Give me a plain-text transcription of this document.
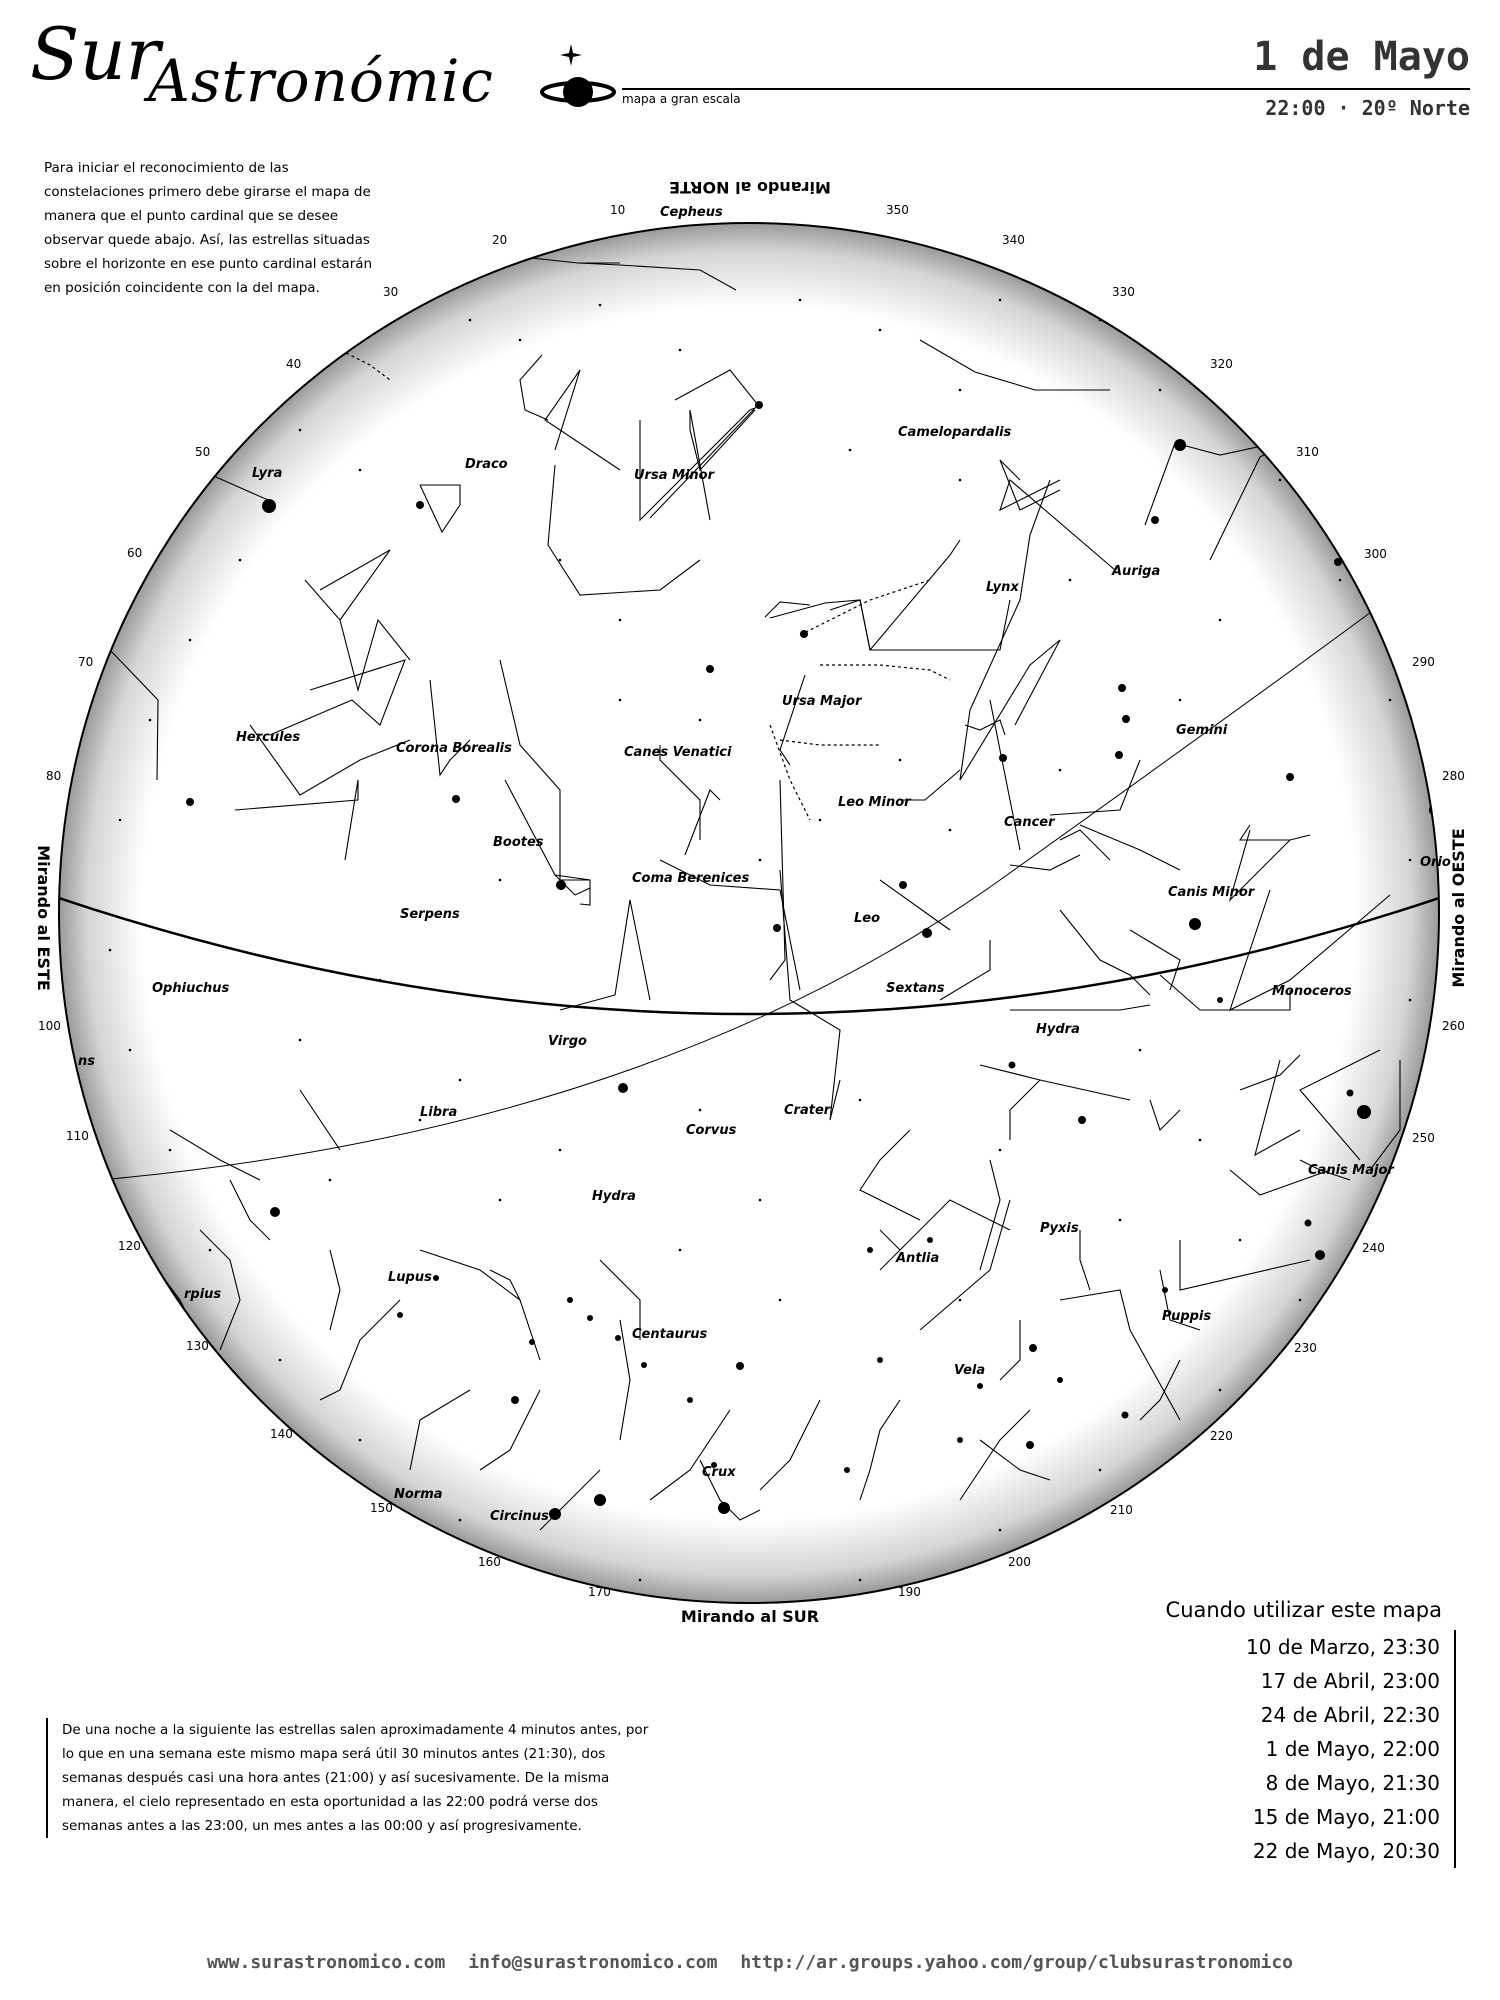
Sur
Astronómic	mapa a gran escala
1 de Mayo
22:00 · 20º Norte
Para iniciar el reconocimiento de las constelaciones primero debe girarse el mapa de manera que el punto cardinal que se desee observar quede abajo. Así, las estrellas situadas sobre el horizonte en ese punto cardinal estarán en posición coincidente con la del mapa.
10
20
30
40
50
60
70
80
100
110
120
130
140
150
160
170	190
200
210
220
230
240
250
260
280
290
300
310
320
330
340
350
Mirando al NORTE
Mirando al SUR
Mirando al ESTE	Mirando al OESTE
Cepheus
Camelopardalis
Draco
Ursa Minor
Lyra
Lynx
Auriga
Hercules
Ursa Major
Gemini
Corona Borealis	Canes Venatici
Leo Minor
Bootes
Cancer
Coma Berenices
Orio
Serpens	Leo
Canis Minor
Ophiuchus	Sextans	Monoceros
Virgo
Hydra
ns
Libra	Crater
Corvus
Canis Major
Hydra
Pyxis
Antlia
rpius
Lupus
Centaurus
Puppis
Vela
Crux
Norma
Circinus
Cuando utilizar este mapa
10 de Marzo, 23:30
17 de Abril, 23:00
24 de Abril, 22:30
1 de Mayo, 22:00
8 de Mayo, 21:30
15 de Mayo, 21:00
22 de Mayo, 20:30
De una noche a la siguiente las estrellas salen aproximadamente 4 minutos antes, por lo que en una semana este mismo mapa será útil 30 minutos antes (21:30), dos semanas después casi una hora antes (21:00) y así sucesivamente. De la misma manera, el cielo representado en esta oportunidad a las 22:00 podrá verse dos semanas antes a las 23:00, un mes antes a las 00:00 y así progresivamente.
www.surastronomico.com info@surastronomico.com http://ar.groups.yahoo.com/group/clubsurastronomico
